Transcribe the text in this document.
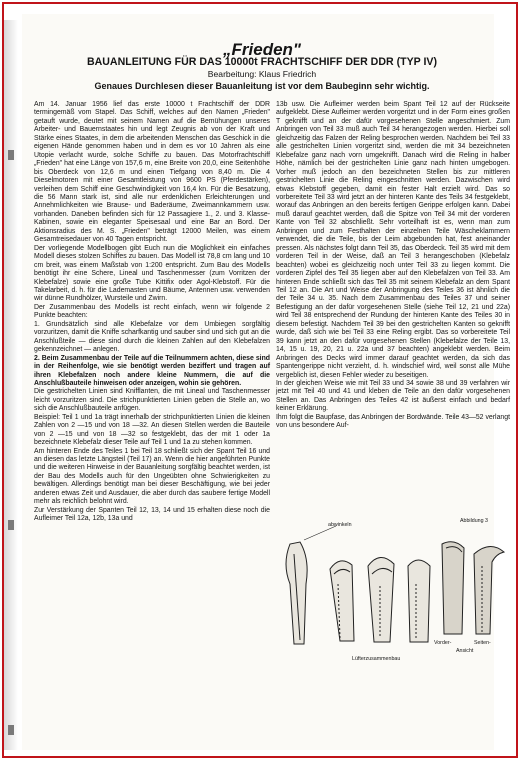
„Frieden"
BAUANLEITUNG FÜR DAS 10000t FRACHTSCHIFF DER DDR (TYP IV)
Bearbeitung: Klaus Friedrich
Genaues Durchlesen dieser Bauanleitung ist vor dem Baubeginn sehr wichtig.

Am 14. Januar 1956 lief das erste 10000 t Frachtschiff der DDR termingemäß vom Stapel. Das Schiff, welches auf den Namen „Frieden" getauft wurde, deutet mit seinem Namen auf die Bemühungen unseres Arbeiter- und Bauernstaates hin und legt Zeugnis ab von der Kraft und Stärke eines Staates, in dem die arbeitenden Menschen das Geschick in die eigenen Hände genommen haben und in dem es vor 10 Jahren als eine Utopie verlacht wurde, solche Schiffe zu bauen. Das Motorfrachtschiff „Frieden" hat eine Länge von 157,6 m, eine Breite von 20,0, eine Seitenhöhe bis Oberdeck von 12,6 m und einen Tiefgang von 8,40 m. Die 4 Dieselmotoren mit einer Gesamtleistung von 9600 PS (Pferdestärken), verleihen dem Schiff eine Geschwindigkeit von 16,4 kn. Für die Besatzung, die 56 Mann stark ist, sind alle nur erdenklichen Erleichterungen und Annehmlichkeiten wie Brause- und Baderäume, Zweimannkammern usw. vorhanden. Daneben befinden sich für 12 Passagiere 1., 2. und 3. Klasse-Kabinen, sowie ein eleganter Speisesaal und eine Bar an Bord. Der Aktionsradius des M. S. „Frieden" beträgt 12000 Meilen, was einem Gesamtreisedauer von 40 Tagen entspricht.

Der vorliegende Modellbogen gibt Euch nun die Möglichkeit ein einfaches Modell dieses stolzen Schiffes zu bauen. Das Modell ist 78,8 cm lang und 10 cm breit, was einem Maßstab von 1:200 entspricht. Zum Bau des Modells benötigt ihr eine Schere, Lineal und Taschenmesser (zum Vorritzen der Klebefalze) sowie eine große Tube Kittifix oder Agol-Klebstoff. Für die Takelarbeit, d. h. für die Lademasten und Bäume, Antennen usw. verwenden wir dünne Rundhölzer, Wursteile und Zwirn.

Der Zusammenbau des Modells ist recht einfach, wenn wir folgende 2 Punkte beachten:

1. Grundsätzlich sind alle Klebefalze vor dem Umbiegen sorgfältig vorzuritzen, damit die Kniffe scharfkantig und sauber sind und sich gut an die Anschlußteile — diese sind durch die kleinen Zahlen auf den Klebefalzen gekennzeichnet — anlegen.

2. Beim Zusammenbau der Teile auf die Teilnummern achten, diese sind in der Reihenfolge, wie sie benötigt werden beziffert und tragen auf ihren Klebefalzen noch andere kleine Nummern, die auf die Anschlußbauteile hinweisen oder anzeigen, wohin sie gehören.

Die gestrichelten Linien sind Knifflanten, die mit Lineal und Taschenmesser leicht vorzuritzen sind. Die strichpunktierten Linien geben die Stelle an, wo sich die Anschlußbauteile anfügen.

Beispiel: Teil 1 und 1a trägt innerhalb der strichpunktierten Linien die kleinen Zahlen von 2 —15 und von 18 —32. An diesen Stellen werden die Bauteile von 2 —15 und von 18 —32 so festgeklebt, das der mit 1 oder 1a bezeichnete Klebefalz dieser Teile auf Teil 1 und 1a zu stehen kommen.

Am hinteren Ende des Teiles 1 bei Teil 18 schließt sich der Spant Teil 16 und an diesen das letzte Längsteil (Teil 17) an. Wenn die hier angeführten Punkte und die weiteren Hinweise in der Bauanleitung sorgfältig beachtet werden, ist der Bau des Modells auch für den Ungeübten ohne Schwierigkeiten zu bewältigen. Allerdings benötigt man bei dieser Beschäftigung, wie bei jeder anderen etwas Zeit und Ausdauer, die aber durch das saubere fertige Modell mehr als reichlich belohnt wird.

Zur Verstärkung der Spanten Teil 12, 13, 14 und 15 erhalten diese noch die Aufleimer Teil 12a, 12b, 13a und

13b usw. Die Aufleimer werden beim Spant Teil 12 auf der Rückseite aufgeklebt. Diese Aufleimer werden vorgeritzt und in der Form eines großen T geknifft und an der dafür vorgesehenen Stelle angeschmiert. Zum Anbringen von Teil 33 muß auch Teil 34 herangezogen werden. Hierbei soll gleichzeitig das Falzen der Reling besprochen werden. Nachdem bei Teil 33 alle gestrichelten Linien vorgeritzt sind, werden die mit 34 bezeichneten Klebefalze ganz nach vorn umgeknifft. Danach wird die Reling in halber Höhe, nämlich bei der gestrichelten Linie ganz nach hinten umgebogen. Vorher muß jedoch an den bezeichneten Stellen bis zur mittleren gestrichelten Linie die Reling eingeschnitten werden. Dazwischen wird etwas Klebstoff gegeben, damit ein fester Halt erzielt wird. Das so vorbereitete Teil 33 wird jetzt an der hinteren Kante des Teils 34 festgeklebt, worauf das Anbringen an den bereits fertigen Gerippe erfolgen kann. Dabei muß darauf geachtet werden, daß die Spitze von Teil 34 mit der vorderen Kante von Teil 32 abschließt. Sehr vorteilhaft ist es, wenn man zum Anbringen und zum Festhalten der einzelnen Teile Wäscheklammern verwendet, die die Teile, bis der Leim abgebunden hat, fest aneinander pressen. Als nächstes folgt dann Teil 35, das Oberdeck. Teil 35 wird mit dem vorderen Teil in der Weise, daß an Teil 3 herangeschoben (Klebefalz beachten) wobei es gleichzeitig noch unter Teil 33 zu liegen kommt. Die vorderen Zipfel des Teil 35 liegen aber auf den Klebefalzen von Teil 33. Am hinteren Ende schließt sich das Teil 35 mit seinem Klebefalz an dem Spant Teil 12 an. Die Art und Weise der Anbringung des Teiles 36 ist ähnlich die der Teile 34 u. 35. Nach dem Zusammenbau des Teiles 37 und seiner Befestigung an der dafür vorgesehenen Stelle (siehe Teil 12, 21 und 22a) wird Teil 38 entsprechend der Rundung der hinteren Kante des Teiles 30 in diesem befestigt. Nachdem Teil 39 bei den gestrichelten Kanten so geknifft wurde, daß sich wie bei Teil 33 eine Reling ergibt. Das so vorbereitete Teil 39 kann jetzt an den dafür vorgesehenen Stellen (Klebefalze der Teile 13, 14, 15 u. 19, 20, 21 u. 22a und 37 beachten) angeklebt werden. Beim Anbringen des Decks wird immer darauf geachtet werden, da sich das Spantengerippe nicht verzieht, d. h. windschief wird, weil sonst alle Mühe vergeblich ist, diesen Fehler wieder zu beseitigen.

In der gleichen Weise wie mit Teil 33 und 34 sowie 38 und 39 verfahren wir jetzt mit Teil 40 und 41 und kleben die Teile an den dafür vorgesehenen Stellen an. Das Anbringen des Teiles 42 ist äußerst einfach und bedarf keiner Erklärung.

Ihm folgt die Baupfase, das Anbringen der Bordwände. Teile 43—52 verlangt von uns besondere Auf-

abwinkeln
Abbildung 3
Lüfterzusammenbau
Vorder-	Seiten-
Ansicht
